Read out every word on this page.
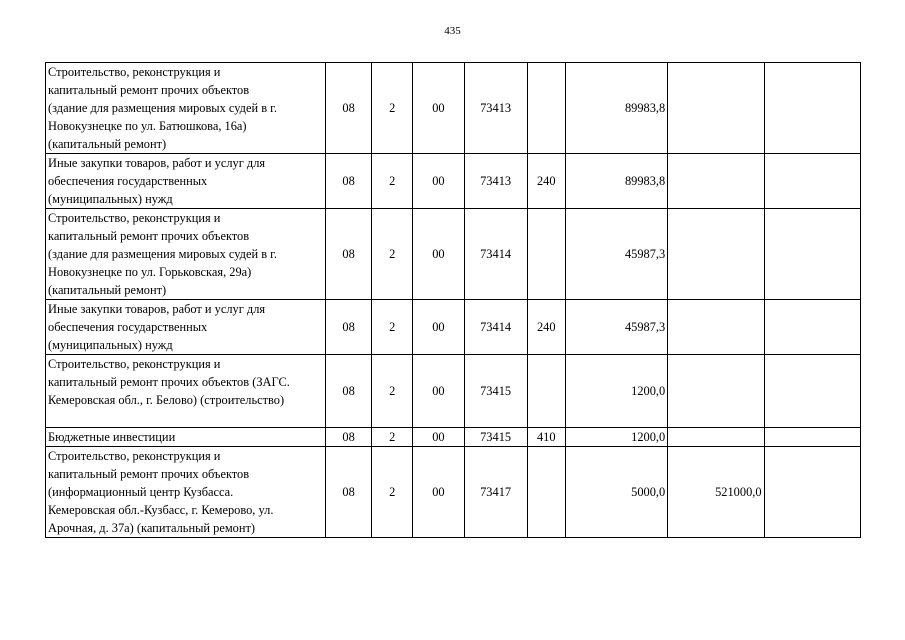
435
Строительство, реконструкция и
капитальный ремонт прочих объектов
(здание для размещения мировых судей в г.
Новокузнецке по ул. Батюшкова, 16а)
(капитальный ремонт)	08	2	00	73413		89983,8		

Иные закупки товаров, работ и услуг для
обеспечения государственных
(муниципальных) нужд	08	2	00	73413	240	89983,8		

Строительство, реконструкция и
капитальный ремонт прочих объектов
(здание для размещения мировых судей в г.
Новокузнецке по ул. Горьковская, 29а)
(капитальный ремонт)	08	2	00	73414		45987,3		

Иные закупки товаров, работ и услуг для
обеспечения государственных
(муниципальных) нужд	08	2	00	73414	240	45987,3		

Строительство, реконструкция и
капитальный ремонт прочих объектов (ЗАГС.
Кемеровская обл., г. Белово) (строительство)	08	2	00	73415		1200,0		

Бюджетные инвестиции	08	2	00	73415	410	1200,0		

Строительство, реконструкция и
капитальный ремонт прочих объектов
(информационный центр Кузбасса.
Кемеровская обл.-Кузбасс, г. Кемерово, ул.
Арочная, д. 37а) (капитальный ремонт)	08	2	00	73417		5000,0	521000,0	
